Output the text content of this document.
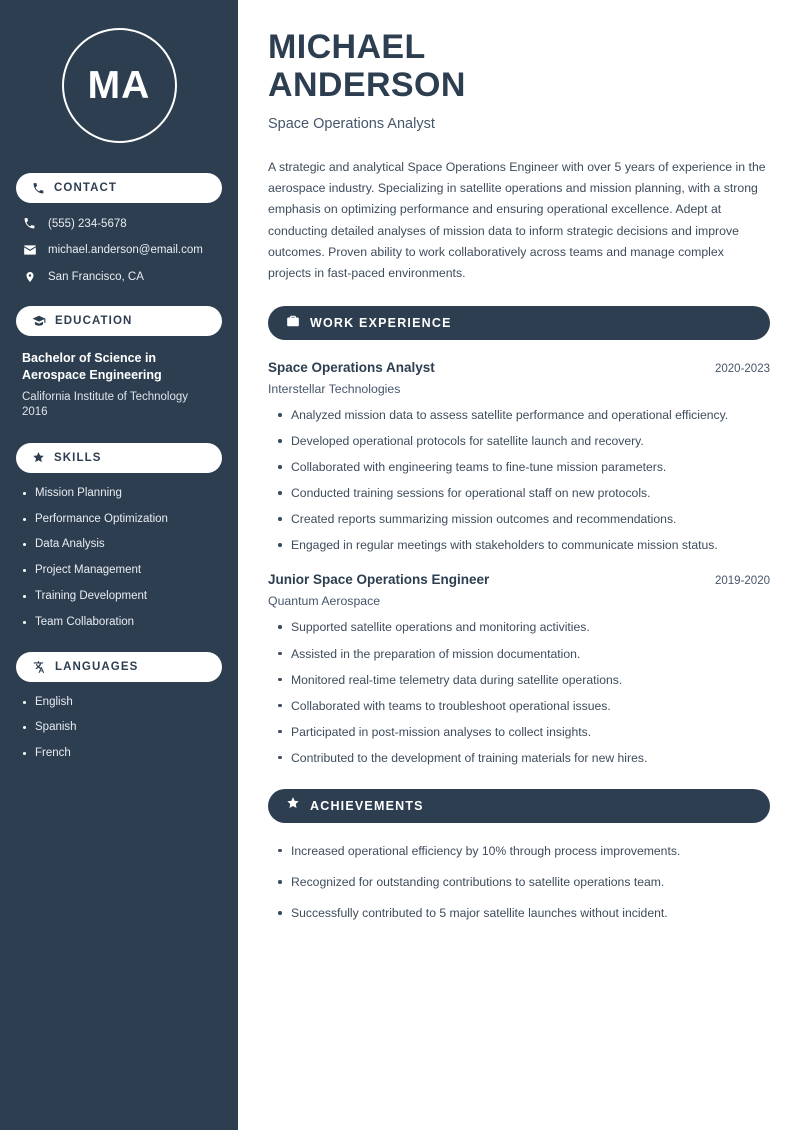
MA
CONTACT
(555) 234-5678
michael.anderson@email.com
San Francisco, CA
EDUCATION
Bachelor of Science in Aerospace Engineering
California Institute of Technology
2016
SKILLS
Mission Planning
Performance Optimization
Data Analysis
Project Management
Training Development
Team Collaboration
LANGUAGES
English
Spanish
French
MICHAEL
ANDERSON
Space Operations Analyst

A strategic and analytical Space Operations Engineer with over 5 years of experience in the aerospace industry. Specializing in satellite operations and mission planning, with a strong emphasis on optimizing performance and ensuring operational excellence. Adept at conducting detailed analyses of mission data to inform strategic decisions and improve outcomes. Proven ability to work collaboratively across teams and manage complex projects in fast-paced environments.

WORK EXPERIENCE
Space Operations Analyst	2020-2023
Interstellar Technologies
Analyzed mission data to assess satellite performance and operational efficiency.
Developed operational protocols for satellite launch and recovery.
Collaborated with engineering teams to fine-tune mission parameters.
Conducted training sessions for operational staff on new protocols.
Created reports summarizing mission outcomes and recommendations.
Engaged in regular meetings with stakeholders to communicate mission status.
Junior Space Operations Engineer	2019-2020
Quantum Aerospace
Supported satellite operations and monitoring activities.
Assisted in the preparation of mission documentation.
Monitored real-time telemetry data during satellite operations.
Collaborated with teams to troubleshoot operational issues.
Participated in post-mission analyses to collect insights.
Contributed to the development of training materials for new hires.
ACHIEVEMENTS
Increased operational efficiency by 10% through process improvements.
Recognized for outstanding contributions to satellite operations team.
Successfully contributed to 5 major satellite launches without incident.
